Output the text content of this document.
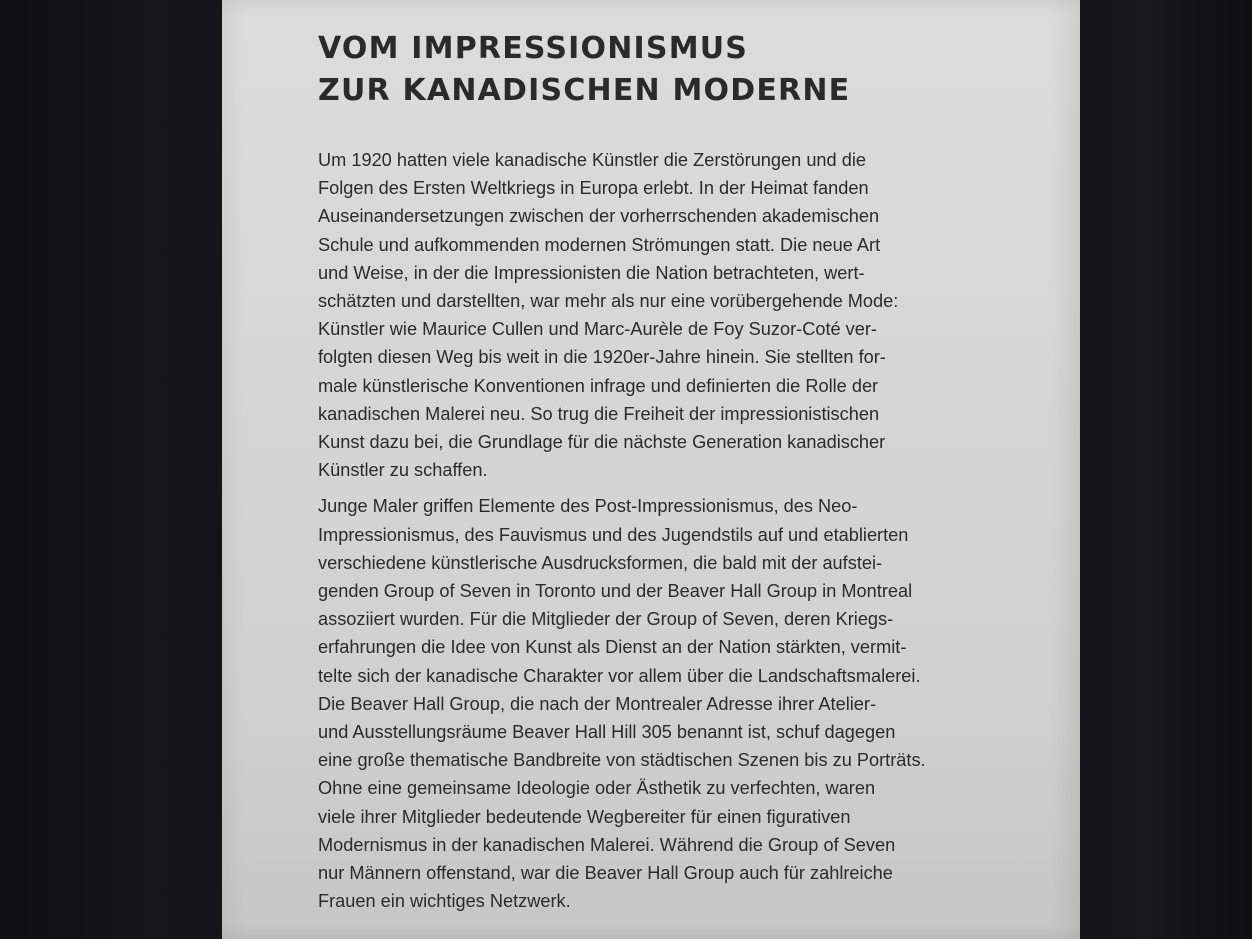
VOM IMPRESSIONISMUS
ZUR KANADISCHEN MODERNE

Um 1920 hatten viele kanadische Künstler die Zerstörungen und die
Folgen des Ersten Weltkriegs in Europa erlebt. In der Heimat fanden
Auseinandersetzungen zwischen der vorherrschenden akademischen
Schule und aufkommenden modernen Strömungen statt. Die neue Art
und Weise, in der die Impressionisten die Nation betrachteten, wert-
schätzten und darstellten, war mehr als nur eine vorübergehende Mode:
Künstler wie Maurice Cullen und Marc-Aurèle de Foy Suzor-Coté ver-
folgten diesen Weg bis weit in die 1920er-Jahre hinein. Sie stellten for-
male künstlerische Konventionen infrage und definierten die Rolle der
kanadischen Malerei neu. So trug die Freiheit der impressionistischen
Kunst dazu bei, die Grundlage für die nächste Generation kanadischer
Künstler zu schaffen.

Junge Maler griffen Elemente des Post-Impressionismus, des Neo-
Impressionismus, des Fauvismus und des Jugendstils auf und etablierten
verschiedene künstlerische Ausdrucksformen, die bald mit der aufstei-
genden Group of Seven in Toronto und der Beaver Hall Group in Montreal
assoziiert wurden. Für die Mitglieder der Group of Seven, deren Kriegs-
erfahrungen die Idee von Kunst als Dienst an der Nation stärkten, vermit-
telte sich der kanadische Charakter vor allem über die Landschaftsmalerei.
Die Beaver Hall Group, die nach der Montrealer Adresse ihrer Atelier-
und Ausstellungsräume Beaver Hall Hill 305 benannt ist, schuf dagegen
eine große thematische Bandbreite von städtischen Szenen bis zu Porträts.
Ohne eine gemeinsame Ideologie oder Ästhetik zu verfechten, waren
viele ihrer Mitglieder bedeutende Wegbereiter für einen figurativen
Modernismus in der kanadischen Malerei. Während die Group of Seven
nur Männern offenstand, war die Beaver Hall Group auch für zahlreiche
Frauen ein wichtiges Netzwerk.
